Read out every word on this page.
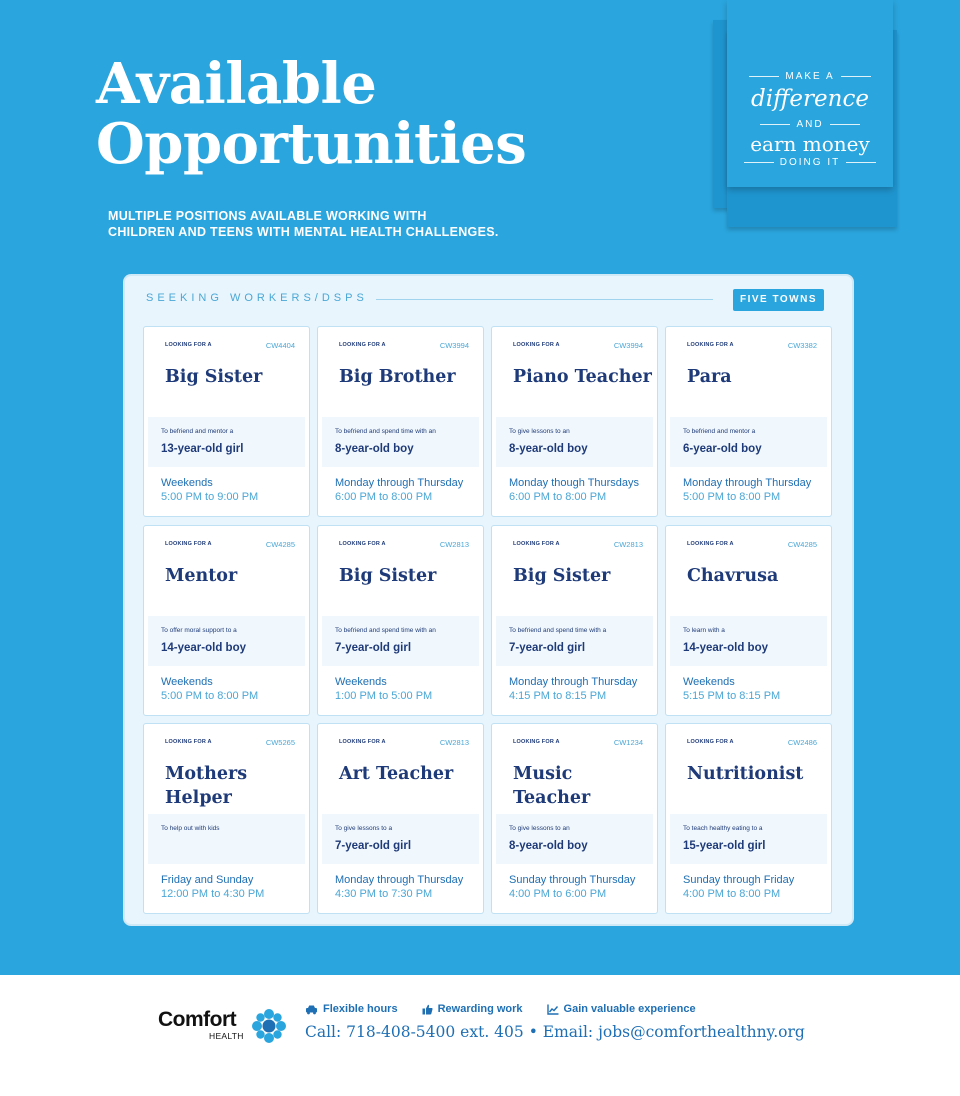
Available
Opportunities
MULTIPLE POSITIONS AVAILABLE WORKING WITH
CHILDREN AND TEENS WITH MENTAL HEALTH CHALLENGES.
MAKE A
difference
AND
earn money
DOING IT
SEEKING WORKERS/DSPS	FIVE TOWNS
LOOKING FOR A	CW4404
Big Sister
To befriend and mentor a
13-year-old girl
Weekends
5:00 PM to 9:00 PM
LOOKING FOR A	CW3994
Big Brother
To befriend and spend time with an
8-year-old boy
Monday through Thursday
6:00 PM to 8:00 PM
LOOKING FOR A	CW3994
Piano Teacher
To give lessons to an
8-year-old boy
Monday though Thursdays
6:00 PM to 8:00 PM
LOOKING FOR A	CW3382
Para
To befriend and mentor a
6-year-old boy
Monday through Thursday
5:00 PM to 8:00 PM
LOOKING FOR A	CW4285
Mentor
To offer moral support to a
14-year-old boy
Weekends
5:00 PM to 8:00 PM
LOOKING FOR A	CW2813
Big Sister
To befriend and spend time with an
7-year-old girl
Weekends
1:00 PM to 5:00 PM
LOOKING FOR A	CW2813
Big Sister
To befriend and spend time with a
7-year-old girl
Monday through Thursday
4:15 PM to 8:15 PM
LOOKING FOR A	CW4285
Chavrusa
To learn with a
14-year-old boy
Weekends
5:15 PM to 8:15 PM
LOOKING FOR A	CW5265
Mothers Helper
To help out with kids
Friday and Sunday
12:00 PM to 4:30 PM
LOOKING FOR A	CW2813
Art Teacher
To give lessons to a
7-year-old girl
Monday through Thursday
4:30 PM to 7:30 PM
LOOKING FOR A	CW1234
Music Teacher
To give lessons to an
8-year-old boy
Sunday through Thursday
4:00 PM to 6:00 PM
LOOKING FOR A	CW2486
Nutritionist
To teach healthy eating to a
15-year-old girl
Sunday through Friday
4:00 PM to 8:00 PM
Comfort
HEALTH
Flexible hours	Rewarding work	Gain valuable experience
Call: 718-408-5400 ext. 405 • Email: jobs@comforthealthny.org
